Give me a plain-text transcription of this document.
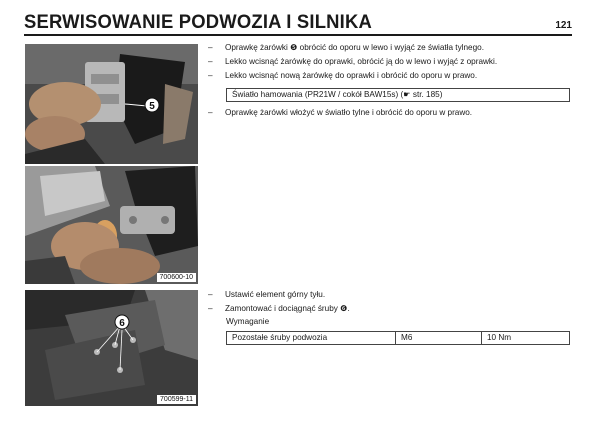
SERWISOWANIE PODWOZIA I SILNIKA	121
5
700600-10
6
700599-11
–	Oprawkę żarówki ❺ obrócić do oporu w lewo i wyjąć ze światła tylnego.
–	Lekko wcisnąć żarówkę do oprawki, obrócić ją do w lewo i wyjąć z oprawki.
–	Lekko wcisnąć nową żarówkę do oprawki i obrócić do oporu w prawo.
Światło hamowania (PR21W / cokół BAW15s) (☛ str. 185)
–	Oprawkę żarówki włożyć w światło tylne i obrócić do oporu w prawo.
–	Ustawić element górny tyłu.
–	Zamontować i dociągnąć śruby ❻.
Wymaganie
Pozostałe śruby podwozia	M6	10 Nm
